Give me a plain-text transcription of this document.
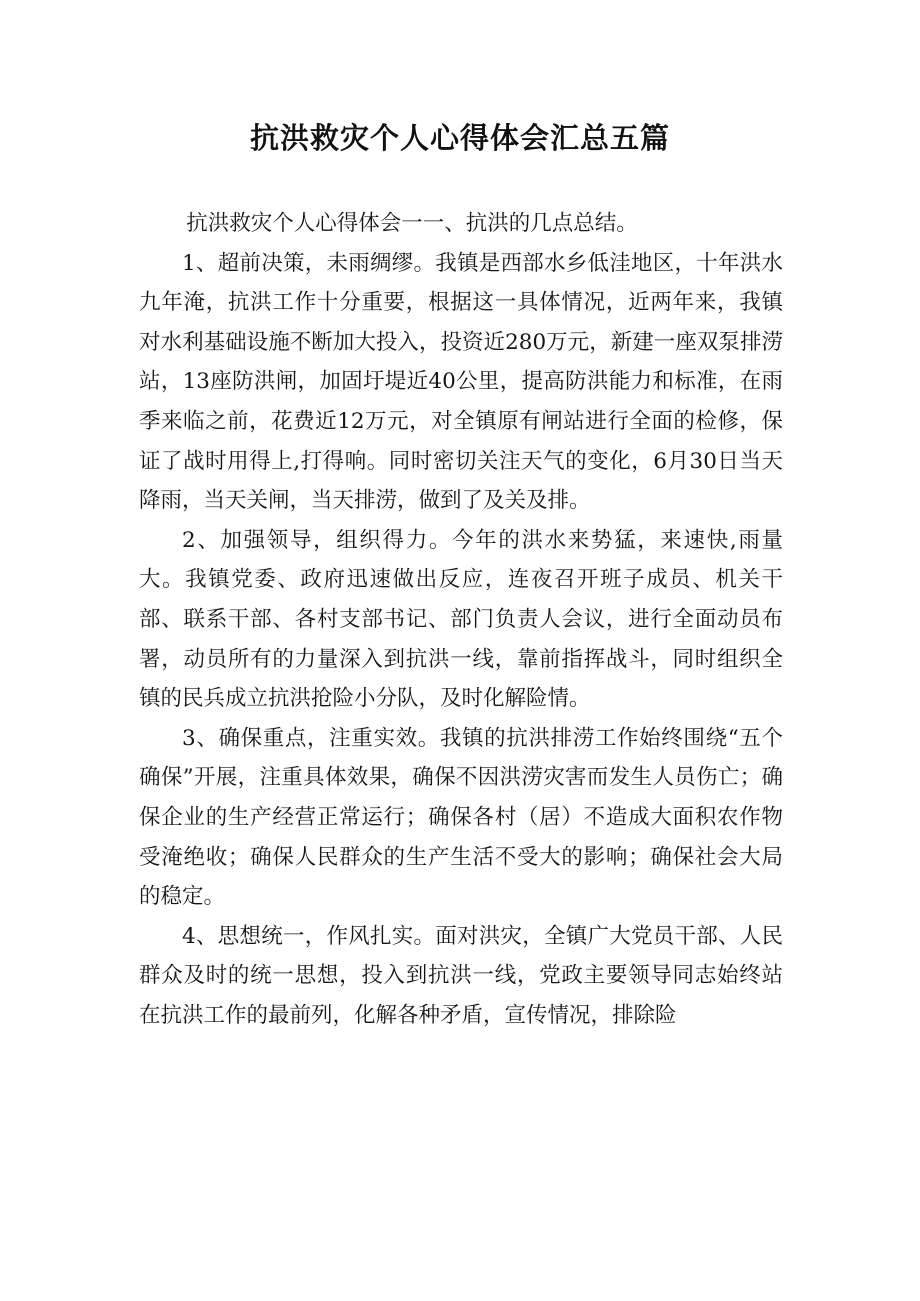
抗洪救灾个人心得体会汇总五篇

抗洪救灾个人心得体会一一、抗洪的几点总结。

1、超前决策，未雨绸缪。我镇是西部水乡低洼地区，十年洪水九年淹，抗洪工作十分重要，根据这一具体情况，近两年来，我镇对水利基础设施不断加大投入，投资近280万元，新建一座双泵排涝站，13座防洪闸，加固圩堤近40公里，提高防洪能力和标准，在雨季来临之前，花费近12万元，对全镇原有闸站进行全面的检修，保证了战时用得上,打得响。同时密切关注天气的变化，6月30日当天降雨，当天关闸，当天排涝，做到了及关及排。

2、加强领导，组织得力。今年的洪水来势猛，来速快,雨量大。我镇党委、政府迅速做出反应，连夜召开班子成员、机关干部、联系干部、各村支部书记、部门负责人会议，进行全面动员布署，动员所有的力量深入到抗洪一线，靠前指挥战斗，同时组织全镇的民兵成立抗洪抢险小分队，及时化解险情。

3、确保重点，注重实效。我镇的抗洪排涝工作始终围绕“五个确保”开展，注重具体效果，确保不因洪涝灾害而发生人员伤亡；确保企业的生产经营正常运行；确保各村（居）不造成大面积农作物受淹绝收；确保人民群众的生产生活不受大的影响；确保社会大局的稳定。

4、思想统一，作风扎实。面对洪灾，全镇广大党员干部、人民群众及时的统一思想，投入到抗洪一线，党政主要领导同志始终站在抗洪工作的最前列，化解各种矛盾，宣传情况，排除险
